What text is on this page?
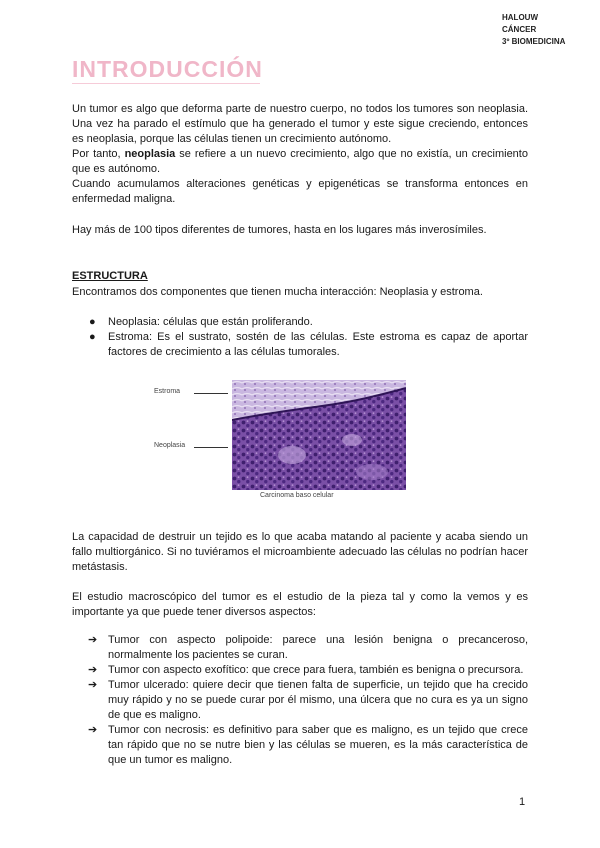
HALOUW
CÁNCER
3º BIOMEDICINA
INTRODUCCIÓN

Un tumor es algo que deforma parte de nuestro cuerpo, no todos los tumores son neoplasia. Una vez ha parado el estímulo que ha generado el tumor y este sigue creciendo, entonces es neoplasia, porque las células tienen un crecimiento autónomo.

Por tanto, neoplasia se refiere a un nuevo crecimiento, algo que no existía, un crecimiento que es autónomo.

Cuando acumulamos alteraciones genéticas y epigenéticas se transforma entonces en enfermedad maligna.

Hay más de 100 tipos diferentes de tumores, hasta en los lugares más inverosímiles.

ESTRUCTURA

Encontramos dos componentes que tienen mucha interacción: Neoplasia y estroma.

● Neoplasia: células que están proliferando.
● Estroma: Es el sustrato, sostén de las células. Este estroma es capaz de aportar factores de crecimiento a las células tumorales.
Estroma
Neoplasia
Carcinoma baso celular

La capacidad de destruir un tejido es lo que acaba matando al paciente y acaba siendo un fallo multiorgánico. Si no tuviéramos el microambiente adecuado las células no podrían hacer metástasis.

El estudio macroscópico del tumor es el estudio de la pieza tal y como la vemos y es importante ya que puede tener diversos aspectos:

➔ Tumor con aspecto polipoide: parece una lesión benigna o precanceroso, normalmente los pacientes se curan.
➔ Tumor con aspecto exofítico: que crece para fuera, también es benigna o precursora.
➔ Tumor ulcerado: quiere decir que tienen falta de superficie, un tejido que ha crecido muy rápido y no se puede curar por él mismo, una úlcera que no cura es ya un signo de que es maligno.
➔ Tumor con necrosis: es definitivo para saber que es maligno, es un tejido que crece tan rápido que no se nutre bien y las células se mueren, es la más característica de que un tumor es maligno.
1
